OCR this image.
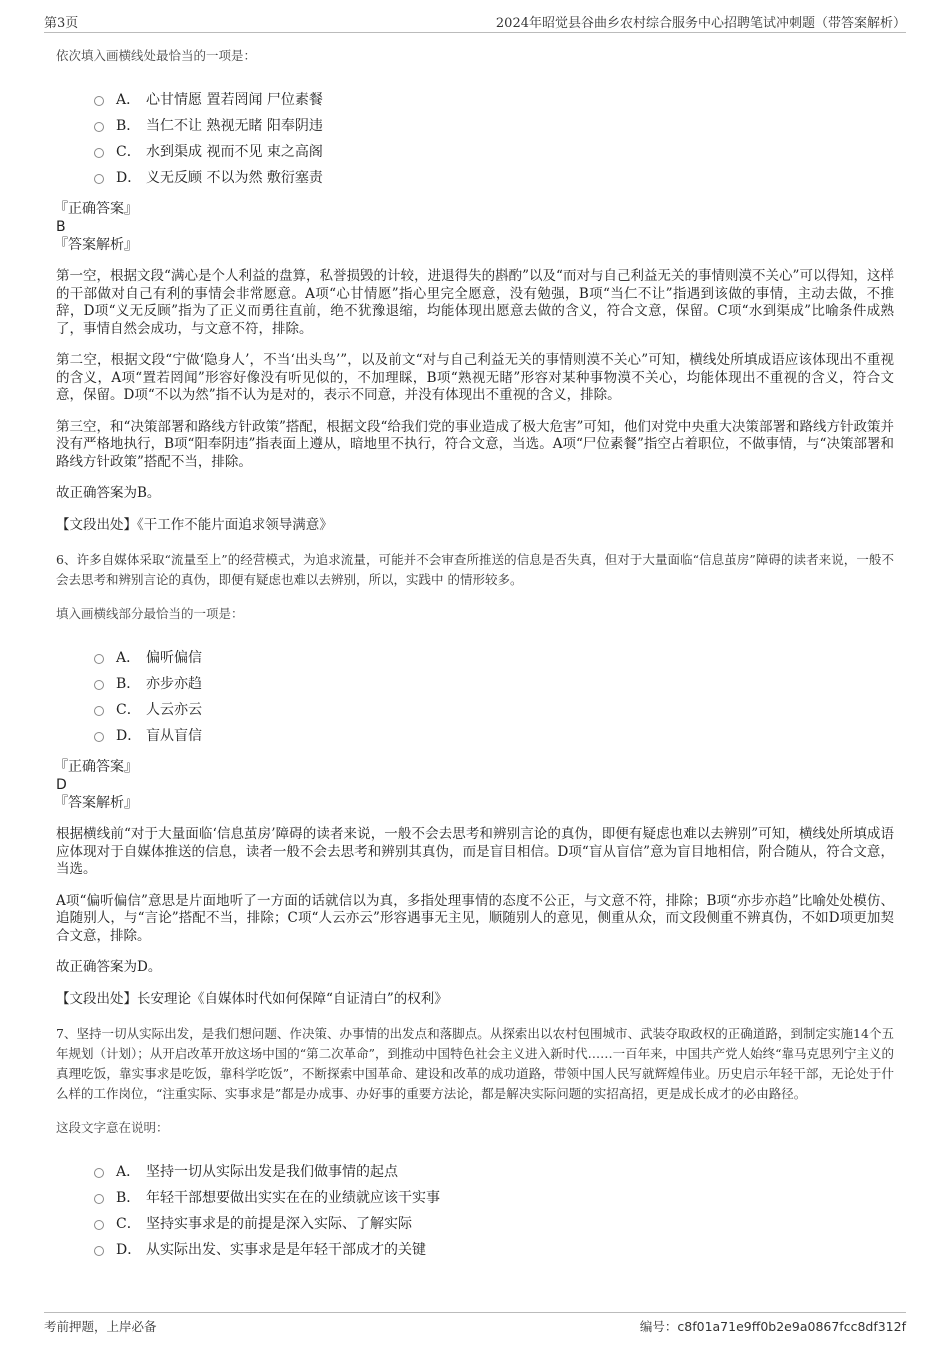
第3页	2024年昭觉县谷曲乡农村综合服务中心招聘笔试冲刺题（带答案解析）

依次填入画横线处最恰当的一项是：

A． 心甘情愿 置若罔闻 尸位素餐
B． 当仁不让 熟视无睹 阳奉阴违
C． 水到渠成 视而不见 束之高阁
D． 义无反顾 不以为然 敷衍塞责
『正确答案』
B
『答案解析』

第一空，根据文段“满心是个人利益的盘算，私誉损毁的计较，进退得失的斟酌”以及“而对与自己利益无关的事情则漠不关心”可以得知，这样的干部做对自己有利的事情会非常愿意。A项“心甘情愿”指心里完全愿意，没有勉强，B项“当仁不让”指遇到该做的事情，主动去做，不推辞，D项“义无反顾”指为了正义而勇往直前，绝不犹豫退缩，均能体现出愿意去做的含义，符合文意，保留。C项“水到渠成”比喻条件成熟了，事情自然会成功，与文意不符，排除。

第二空，根据文段“宁做‘隐身人’，不当‘出头鸟’”，以及前文“对与自己利益无关的事情则漠不关心”可知，横线处所填成语应该体现出不重视的含义，A项“置若罔闻”形容好像没有听见似的，不加理睬，B项“熟视无睹”形容对某种事物漠不关心，均能体现出不重视的含义，符合文意，保留。D项“不以为然”指不认为是对的，表示不同意，并没有体现出不重视的含义，排除。

第三空，和“决策部署和路线方针政策”搭配，根据文段“给我们党的事业造成了极大危害”可知，他们对党中央重大决策部署和路线方针政策并没有严格地执行，B项“阳奉阴违”指表面上遵从，暗地里不执行，符合文意，当选。A项“尸位素餐”指空占着职位，不做事情，与“决策部署和路线方针政策”搭配不当，排除。

故正确答案为B。

【文段出处】《干工作不能片面追求领导满意》

6、许多自媒体采取“流量至上”的经营模式，为追求流量，可能并不会审查所推送的信息是否失真，但对于大量面临“信息茧房”障碍的读者来说，一般不会去思考和辨别言论的真伪，即便有疑虑也难以去辨别，所以，实践中 的情形较多。

填入画横线部分最恰当的一项是：

A． 偏听偏信
B． 亦步亦趋
C． 人云亦云
D． 盲从盲信
『正确答案』
D
『答案解析』

根据横线前“对于大量面临‘信息茧房’障碍的读者来说，一般不会去思考和辨别言论的真伪，即便有疑虑也难以去辨别”可知，横线处所填成语应体现对于自媒体推送的信息，读者一般不会去思考和辨别其真伪，而是盲目相信。D项“盲从盲信”意为盲目地相信，附合随从，符合文意，当选。

A项“偏听偏信”意思是片面地听了一方面的话就信以为真，多指处理事情的态度不公正，与文意不符，排除；B项“亦步亦趋”比喻处处模仿、追随别人，与“言论”搭配不当，排除；C项“人云亦云”形容遇事无主见，顺随别人的意见，侧重从众，而文段侧重不辨真伪，不如D项更加契合文意，排除。

故正确答案为D。

【文段出处】长安理论《自媒体时代如何保障“自证清白”的权利》

7、坚持一切从实际出发，是我们想问题、作决策、办事情的出发点和落脚点。从探索出以农村包围城市、武装夺取政权的正确道路，到制定实施14个五年规划（计划）；从开启改革开放这场中国的“第二次革命”，到推动中国特色社会主义进入新时代……一百年来，中国共产党人始终“靠马克思列宁主义的真理吃饭，靠实事求是吃饭，靠科学吃饭”，不断探索中国革命、建设和改革的成功道路，带领中国人民写就辉煌伟业。历史启示年轻干部，无论处于什么样的工作岗位，“注重实际、实事求是”都是办成事、办好事的重要方法论，都是解决实际问题的实招高招，更是成长成才的必由路径。

这段文字意在说明：

A． 坚持一切从实际出发是我们做事情的起点
B． 年轻干部想要做出实实在在的业绩就应该干实事
C． 坚持实事求是的前提是深入实际、了解实际
D． 从实际出发、实事求是是年轻干部成才的关键
考前押题，上岸必备	编号：c8f01a71e9ff0b2e9a0867fcc8df312f
